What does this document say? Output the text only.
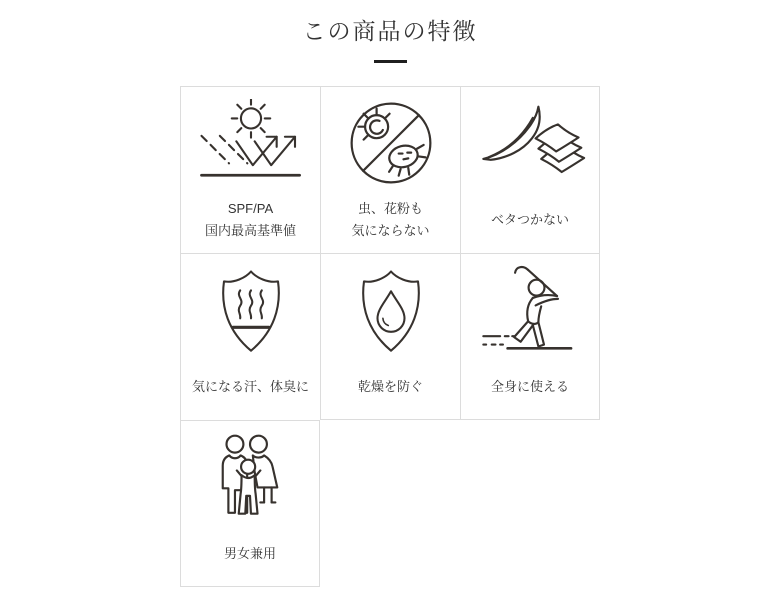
この商品の特徴
SPF/PA
国内最高基準値
虫、花粉も
気にならない
ベタつかない
気になる汗、体臭に	乾燥を防ぐ	全身に使える
男女兼用
